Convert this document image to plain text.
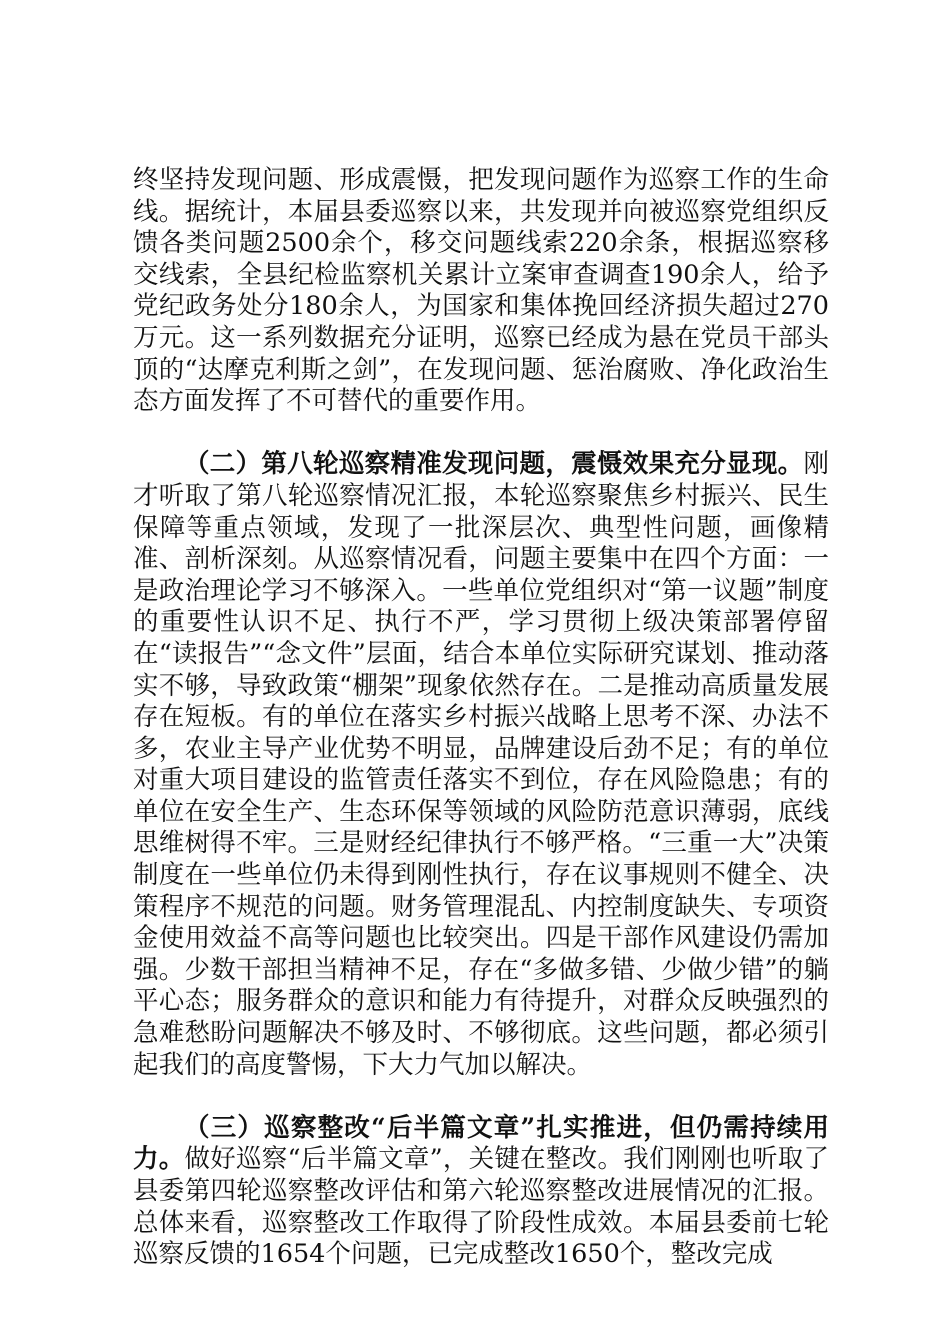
终坚持发现问题、形成震慑，把发现问题作为巡察工作的生命线。据统计，本届县委巡察以来，共发现并向被巡察党组织反馈各类问题2500余个，移交问题线索220余条，根据巡察移交线索，全县纪检监察机关累计立案审查调查190余人，给予党纪政务处分180余人，为国家和集体挽回经济损失超过270万元。这一系列数据充分证明，巡察已经成为悬在党员干部头顶的“达摩克利斯之剑”，在发现问题、惩治腐败、净化政治生态方面发挥了不可替代的重要作用。

（二）第八轮巡察精准发现问题，震慑效果充分显现。刚才听取了第八轮巡察情况汇报，本轮巡察聚焦乡村振兴、民生保障等重点领域，发现了一批深层次、典型性问题，画像精准、剖析深刻。从巡察情况看，问题主要集中在四个方面：一是政治理论学习不够深入。一些单位党组织对“第一议题”制度的重要性认识不足、执行不严，学习贯彻上级决策部署停留在“读报告”“念文件”层面，结合本单位实际研究谋划、推动落实不够，导致政策“棚架”现象依然存在。二是推动高质量发展存在短板。有的单位在落实乡村振兴战略上思考不深、办法不多，农业主导产业优势不明显，品牌建设后劲不足；有的单位对重大项目建设的监管责任落实不到位，存在风险隐患；有的单位在安全生产、生态环保等领域的风险防范意识薄弱，底线思维树得不牢。三是财经纪律执行不够严格。“三重一大”决策制度在一些单位仍未得到刚性执行，存在议事规则不健全、决策程序不规范的问题。财务管理混乱、内控制度缺失、专项资金使用效益不高等问题也比较突出。四是干部作风建设仍需加强。少数干部担当精神不足，存在“多做多错、少做少错”的躺平心态；服务群众的意识和能力有待提升，对群众反映强烈的急难愁盼问题解决不够及时、不够彻底。这些问题，都必须引起我们的高度警惕，下大力气加以解决。

（三）巡察整改“后半篇文章”扎实推进，但仍需持续用力。做好巡察“后半篇文章”，关键在整改。我们刚刚也听取了县委第四轮巡察整改评估和第六轮巡察整改进展情况的汇报。总体来看，巡察整改工作取得了阶段性成效。本届县委前七轮巡察反馈的1654个问题，已完成整改1650个，整改完成
